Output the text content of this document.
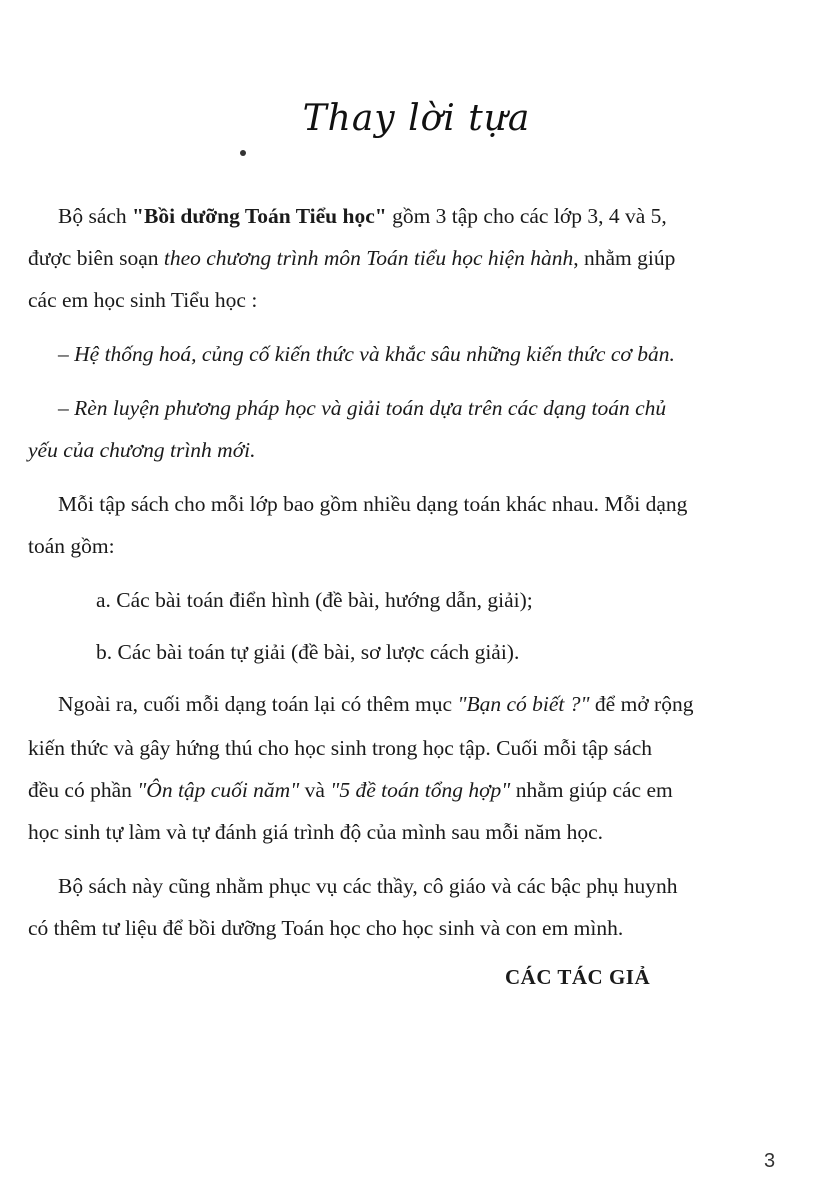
Thay lời tựa
Bộ sách "Bồi dưỡng Toán Tiểu học" gồm 3 tập cho các lớp 3, 4 và 5,
được biên soạn theo chương trình môn Toán tiểu học hiện hành, nhằm giúp
các em học sinh Tiểu học :
– Hệ thống hoá, củng cố kiến thức và khắc sâu những kiến thức cơ bản.
– Rèn luyện phương pháp học và giải toán dựa trên các dạng toán chủ
yếu của chương trình mới.
Mỗi tập sách cho mỗi lớp bao gồm nhiều dạng toán khác nhau. Mỗi dạng
toán gồm:
a. Các bài toán điển hình (đề bài, hướng dẫn, giải);
b. Các bài toán tự giải (đề bài, sơ lược cách giải).
Ngoài ra, cuối mỗi dạng toán lại có thêm mục "Bạn có biết ?" để mở rộng
kiến thức và gây hứng thú cho học sinh trong học tập. Cuối mỗi tập sách
đều có phần "Ôn tập cuối năm" và "5 đề toán tổng hợp" nhằm giúp các em
học sinh tự làm và tự đánh giá trình độ của mình sau mỗi năm học.
Bộ sách này cũng nhằm phục vụ các thầy, cô giáo và các bậc phụ huynh
có thêm tư liệu để bồi dưỡng Toán học cho học sinh và con em mình.
CÁC TÁC GIẢ
3
